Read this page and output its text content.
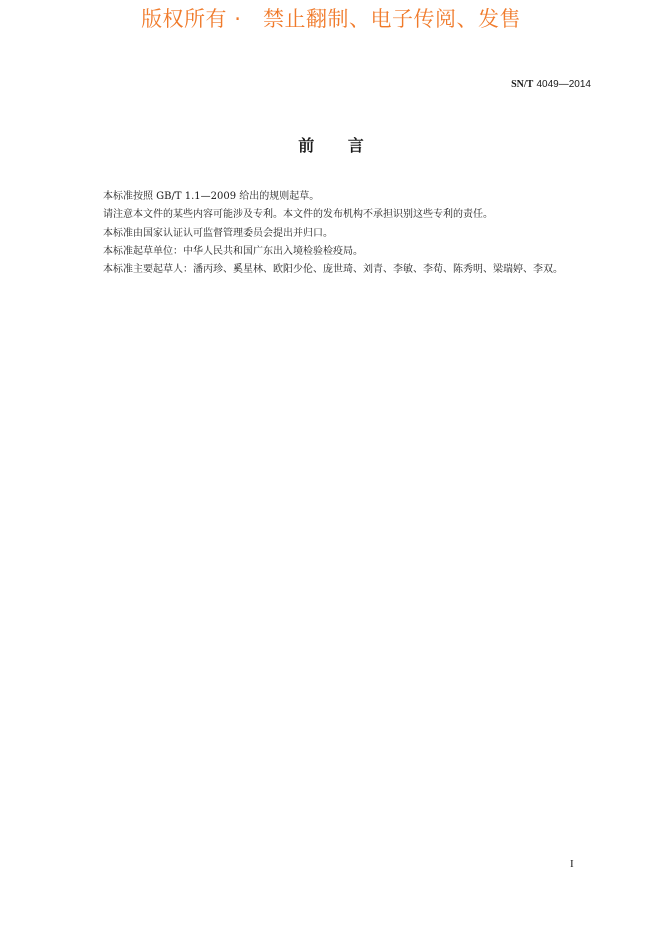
版权所有 ·   禁止翻制、电子传阅、发售
SN/T 4049—2014
前      言
本标准按照 GB/T 1.1—2009 给出的规则起草。
请注意本文件的某些内容可能涉及专利。本文件的发布机构不承担识别这些专利的责任。
本标准由国家认证认可监督管理委员会提出并归口。
本标准起草单位：中华人民共和国广东出入境检验检疫局。
本标准主要起草人：潘丙珍、奚星林、欧阳少伦、庞世琦、刘青、李敏、李荀、陈秀明、梁瑞婷、李双。
I
